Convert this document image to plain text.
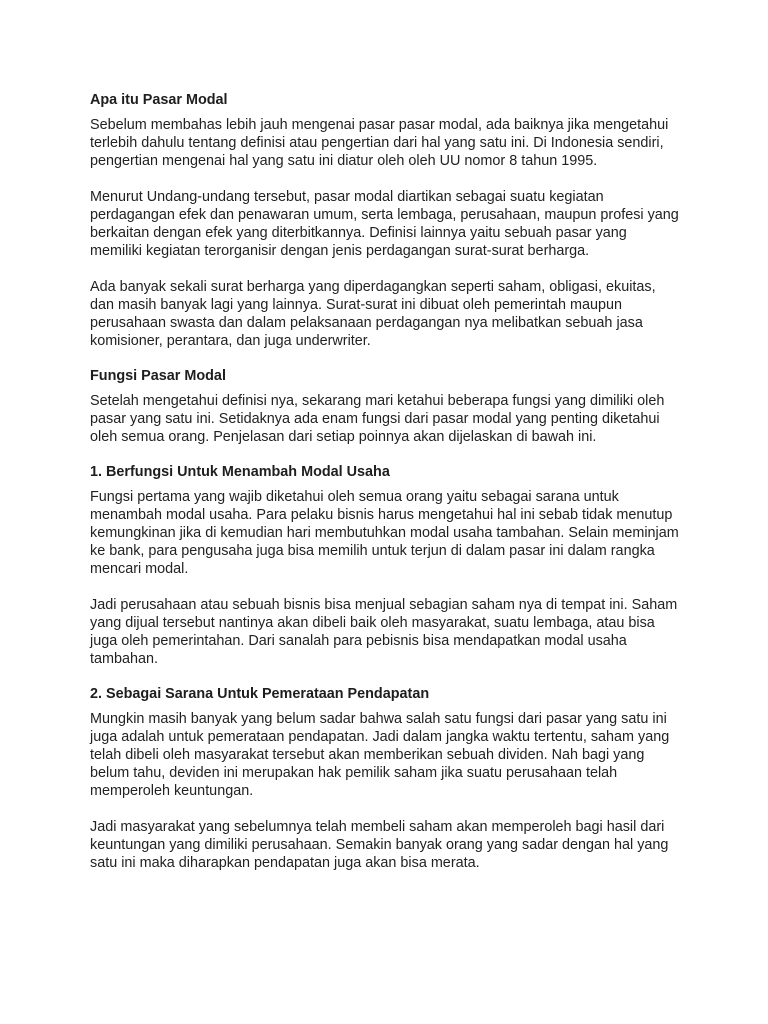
Apa itu Pasar Modal
Sebelum membahas lebih jauh mengenai pasar pasar modal, ada baiknya jika mengetahui terlebih dahulu tentang definisi atau pengertian dari hal yang satu ini. Di Indonesia sendiri, pengertian mengenai hal yang satu ini diatur oleh oleh UU nomor 8 tahun 1995.
Menurut Undang-undang tersebut, pasar modal diartikan sebagai suatu kegiatan perdagangan efek dan penawaran umum, serta lembaga, perusahaan, maupun profesi yang berkaitan dengan efek yang diterbitkannya. Definisi lainnya yaitu sebuah pasar yang memiliki kegiatan terorganisir dengan jenis perdagangan surat-surat berharga.
Ada banyak sekali surat berharga yang diperdagangkan seperti saham, obligasi, ekuitas, dan masih banyak lagi yang lainnya. Surat-surat ini dibuat oleh pemerintah maupun perusahaan swasta dan dalam pelaksanaan perdagangan nya melibatkan sebuah jasa komisioner, perantara, dan juga underwriter.
Fungsi Pasar Modal
Setelah mengetahui definisi nya, sekarang mari ketahui beberapa fungsi yang dimiliki oleh pasar yang satu ini. Setidaknya ada enam fungsi dari pasar modal yang penting diketahui oleh semua orang. Penjelasan dari setiap poinnya akan dijelaskan di bawah ini.
1. Berfungsi Untuk Menambah Modal Usaha
Fungsi pertama yang wajib diketahui oleh semua orang yaitu sebagai sarana untuk menambah modal usaha. Para pelaku bisnis harus mengetahui hal ini sebab tidak menutup kemungkinan jika di kemudian hari membutuhkan modal usaha tambahan. Selain meminjam ke bank, para pengusaha juga bisa memilih untuk terjun di dalam pasar ini dalam rangka mencari modal.
Jadi perusahaan atau sebuah bisnis bisa menjual sebagian saham nya di tempat ini. Saham yang dijual tersebut nantinya akan dibeli baik oleh masyarakat, suatu lembaga, atau bisa juga oleh pemerintahan. Dari sanalah para pebisnis bisa mendapatkan modal usaha tambahan.
2. Sebagai Sarana Untuk Pemerataan Pendapatan
Mungkin masih banyak yang belum sadar bahwa salah satu fungsi dari pasar yang satu ini juga adalah untuk pemerataan pendapatan. Jadi dalam jangka waktu tertentu, saham yang telah dibeli oleh masyarakat tersebut akan memberikan sebuah dividen. Nah bagi yang belum tahu, deviden ini merupakan hak pemilik saham jika suatu perusahaan telah memperoleh keuntungan.
Jadi masyarakat yang sebelumnya telah membeli saham akan memperoleh bagi hasil dari keuntungan yang dimiliki perusahaan. Semakin banyak orang yang sadar dengan hal yang satu ini maka diharapkan pendapatan juga akan bisa merata.
